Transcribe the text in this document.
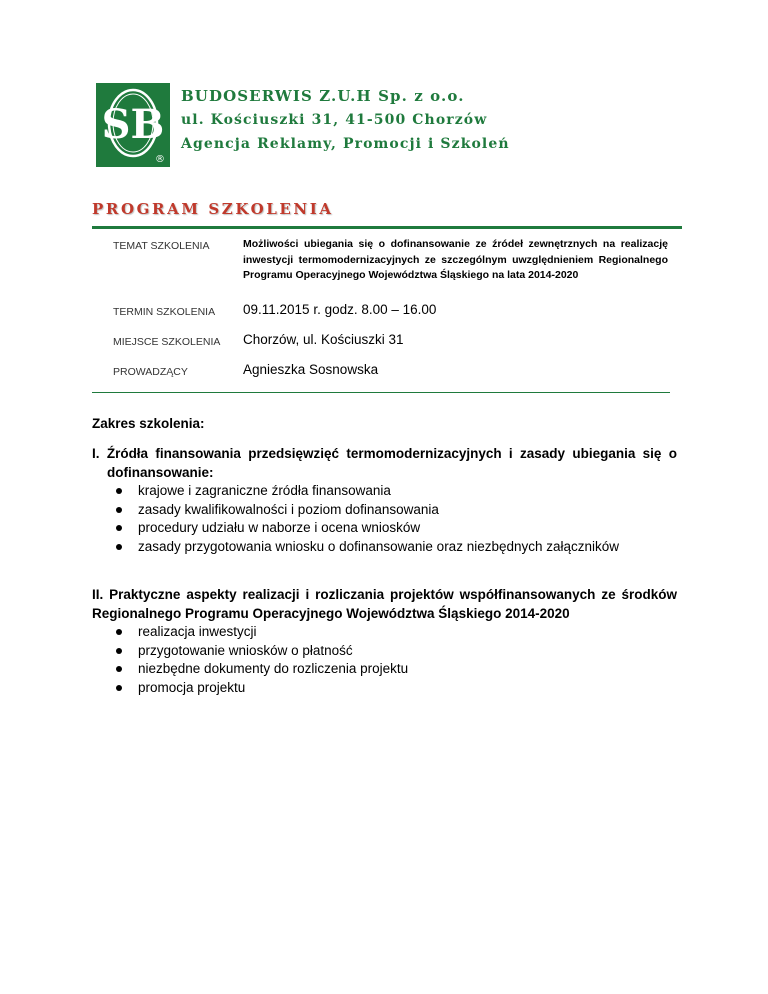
SB
®
BUDOSERWIS Z.U.H Sp. z o.o.
ul. Kościuszki 31, 41-500 Chorzów
Agencja Reklamy, Promocji i Szkoleń
PROGRAM SZKOLENIA
TEMAT SZKOLENIA	Możliwości ubiegania się o dofinansowanie ze źródeł zewnętrznych na realizację inwestycji termomodernizacyjnych ze szczególnym uwzględnieniem Regionalnego Programu Operacyjnego Województwa Śląskiego na lata 2014-2020
TERMIN SZKOLENIA 09.11.2015 r. godz. 8.00 – 16.00
MIEJSCE SZKOLENIA Chorzów, ul. Kościuszki 31
PROWADZĄCY	Agnieszka Sosnowska
Zakres szkolenia:
I. Źródła finansowania przedsięwzięć termomodernizacyjnych i zasady ubiegania się o dofinansowanie:
krajowe i zagraniczne źródła finansowania
zasady kwalifikowalności i poziom dofinansowania
procedury udziału w naborze i ocena wniosków
zasady przygotowania wniosku o dofinansowanie oraz niezbędnych załączników
II. Praktyczne aspekty realizacji i rozliczania projektów współfinansowanych ze środków Regionalnego Programu Operacyjnego Województwa Śląskiego 2014-2020
realizacja inwestycji
przygotowanie wniosków o płatność
niezbędne dokumenty do rozliczenia projektu
promocja projektu
